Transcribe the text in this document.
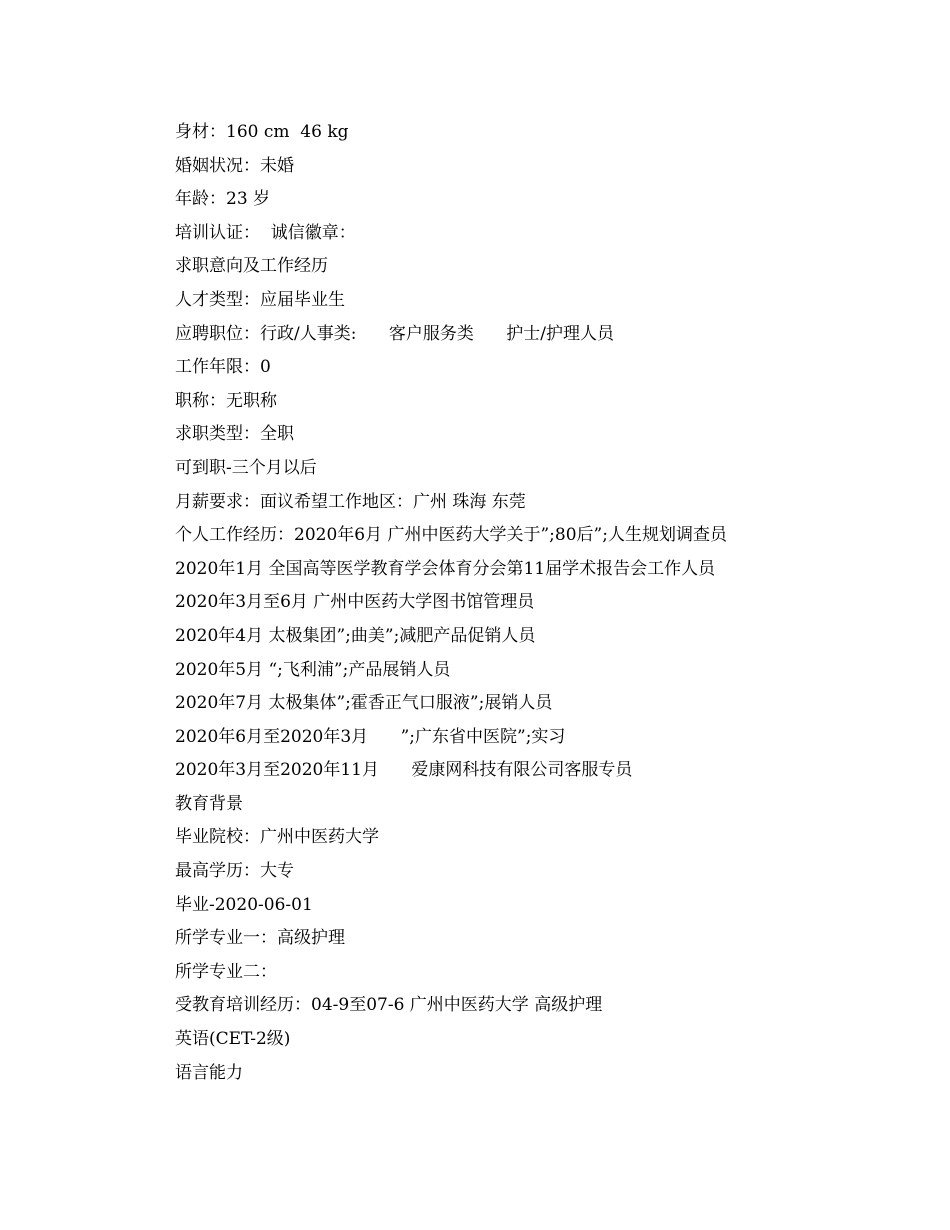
身材：160 cm  46 kg
婚姻状况：未婚
年龄：23 岁
培训认证：  诚信徽章：
求职意向及工作经历
人才类型：应届毕业生
应聘职位：行政/人事类:      客户服务类      护士/护理人员
工作年限：0
职称：无职称
求职类型：全职
可到职-三个月以后
月薪要求：面议希望工作地区：广州 珠海 东莞
个人工作经历：2020年6月 广州中医药大学关于”;80后”;人生规划调查员
2020年1月 全国高等医学教育学会体育分会第11届学术报告会工作人员
2020年3月至6月 广州中医药大学图书馆管理员
2020年4月 太极集团”;曲美”;减肥产品促销人员
2020年5月 “;飞利浦”;产品展销人员
2020年7月 太极集体”;霍香正气口服液”;展销人员
2020年6月至2020年3月      ”;广东省中医院”;实习
2020年3月至2020年11月      爱康网科技有限公司客服专员
教育背景
毕业院校：广州中医药大学
最高学历：大专
毕业-2020-06-01
所学专业一：高级护理
所学专业二：
受教育培训经历：04-9至07-6 广州中医药大学 高级护理
英语(CET-2级)
语言能力
